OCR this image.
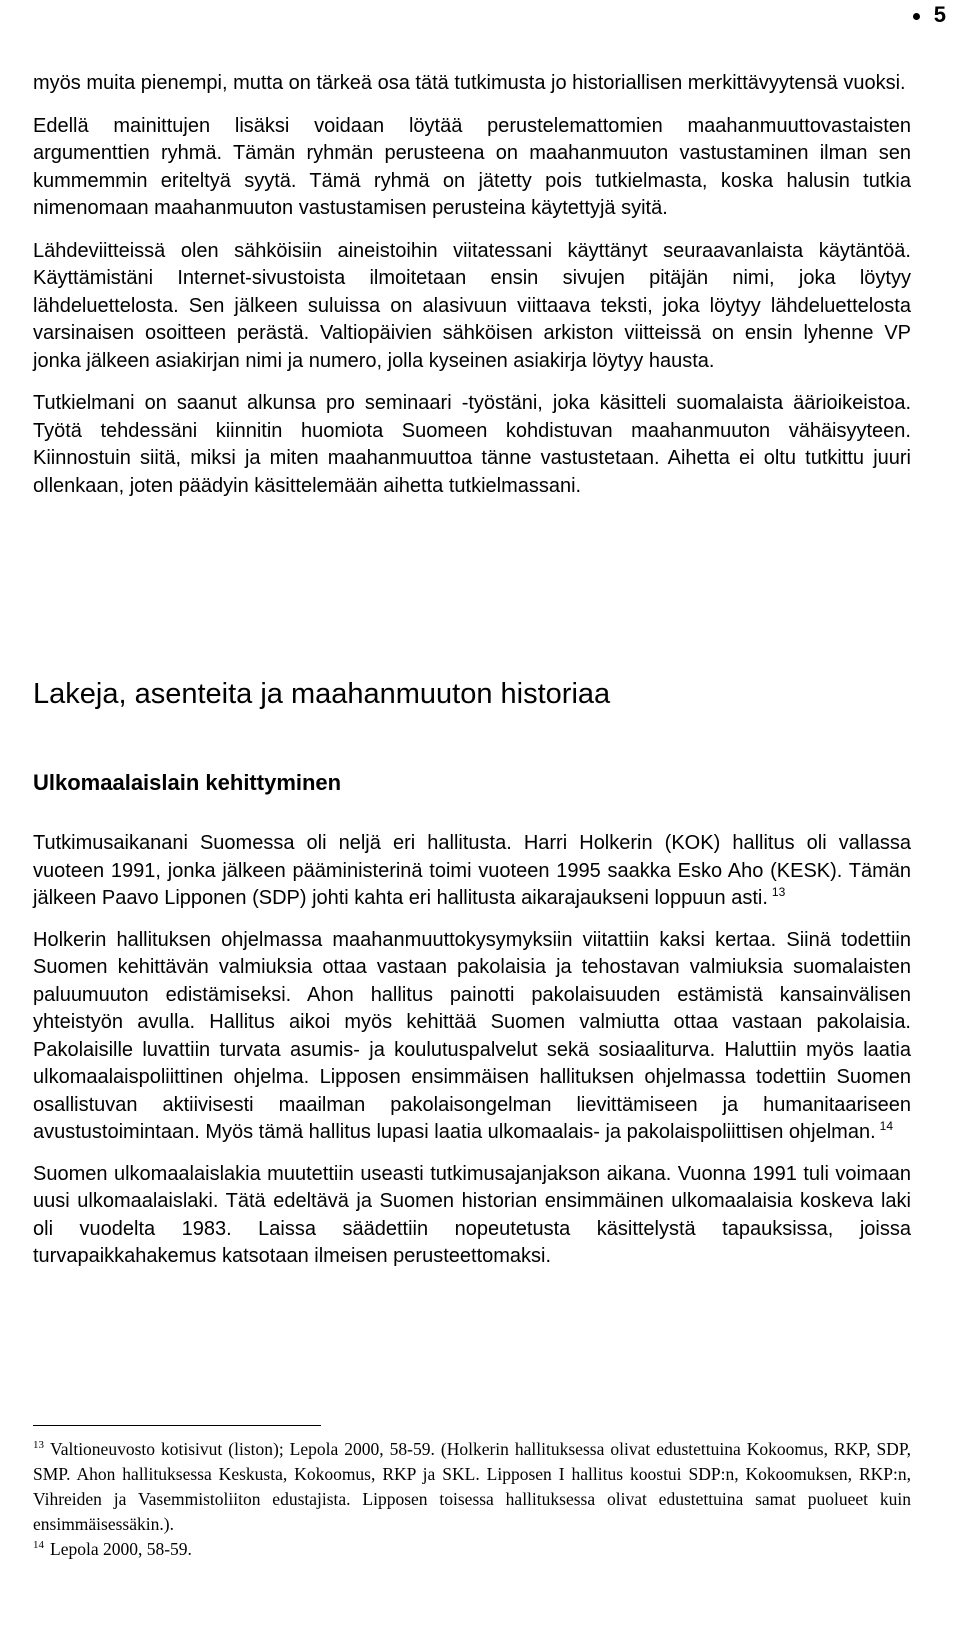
5

myös muita pienempi, mutta on tärkeä osa tätä tutkimusta jo historiallisen merkittävyytensä vuoksi.

Edellä mainittujen lisäksi voidaan löytää perustelemattomien maahanmuuttovastaisten argumenttien ryhmä. Tämän ryhmän perusteena on maahanmuuton vastustaminen ilman sen kummemmin eriteltyä syytä. Tämä ryhmä on jätetty pois tutkielmasta, koska halusin tutkia nimenomaan maahanmuuton vastustamisen perusteina käytettyjä syitä.

Lähdeviitteissä olen sähköisiin aineistoihin viitatessani käyttänyt seuraavanlaista käytäntöä. Käyttämistäni Internet-sivustoista ilmoitetaan ensin sivujen pitäjän nimi, joka löytyy lähdeluettelosta. Sen jälkeen suluissa on alasivuun viittaava teksti, joka löytyy lähdeluettelosta varsinaisen osoitteen perästä. Valtiopäivien sähköisen arkiston viitteissä on ensin lyhenne VP jonka jälkeen asiakirjan nimi ja numero, jolla kyseinen asiakirja löytyy hausta.

Tutkielmani on saanut alkunsa pro seminaari -työstäni, joka käsitteli suomalaista äärioikeistoa. Työtä tehdessäni kiinnitin huomiota Suomeen kohdistuvan maahanmuuton vähäisyyteen. Kiinnostuin siitä, miksi ja miten maahanmuuttoa tänne vastustetaan. Aihetta ei oltu tutkittu juuri ollenkaan, joten päädyin käsittelemään aihetta tutkielmassani.

Lakeja, asenteita ja maahanmuuton historiaa
Ulkomaalaislain kehittyminen

Tutkimusaikanani Suomessa oli neljä eri hallitusta. Harri Holkerin (KOK) hallitus oli vallassa vuoteen 1991, jonka jälkeen pääministerinä toimi vuoteen 1995 saakka Esko Aho (KESK). Tämän jälkeen Paavo Lipponen (SDP) johti kahta eri hallitusta aikarajaukseni loppuun asti. $^{13}$

Holkerin hallituksen ohjelmassa maahanmuuttokysymyksiin viitattiin kaksi kertaa. Siinä todettiin Suomen kehittävän valmiuksia ottaa vastaan pakolaisia ja tehostavan valmiuksia suomalaisten paluumuuton edistämiseksi. Ahon hallitus painotti pakolaisuuden estämistä kansainvälisen yhteistyön avulla. Hallitus aikoi myös kehittää Suomen valmiutta ottaa vastaan pakolaisia. Pakolaisille luvattiin turvata asumis- ja koulutuspalvelut sekä sosiaaliturva. Haluttiin myös laatia ulkomaalaispoliittinen ohjelma. Lipposen ensimmäisen hallituksen ohjelmassa todettiin Suomen osallistuvan aktiivisesti maailman pakolaisongelman lievittämiseen ja humanitaariseen avustustoimintaan. Myös tämä hallitus lupasi laatia ulkomaalais- ja pakolaispoliittisen ohjelman. $^{14}$

Suomen ulkomaalaislakia muutettiin useasti tutkimusajanjakson aikana. Vuonna 1991 tuli voimaan uusi ulkomaalaislaki. Tätä edeltävä ja Suomen historian ensimmäinen ulkomaalaisia koskeva laki oli vuodelta 1983. Laissa säädettiin nopeutetusta käsittelystä tapauksissa, joissa turvapaikkahakemus katsotaan ilmeisen perusteettomaksi.

$^{13}$ Valtioneuvosto kotisivut (liston); Lepola 2000, 58-59. (Holkerin hallituksessa olivat edustettuina Kokoomus, RKP, SDP, SMP. Ahon hallituksessa Keskusta, Kokoomus, RKP ja SKL. Lipposen I hallitus koostui SDP:n, Kokoomuksen, RKP:n, Vihreiden ja Vasemmistoliiton edustajista. Lipposen toisessa hallituksessa olivat edustettuina samat puolueet kuin ensimmäisessäkin.).

$^{14}$ Lepola 2000, 58-59.
